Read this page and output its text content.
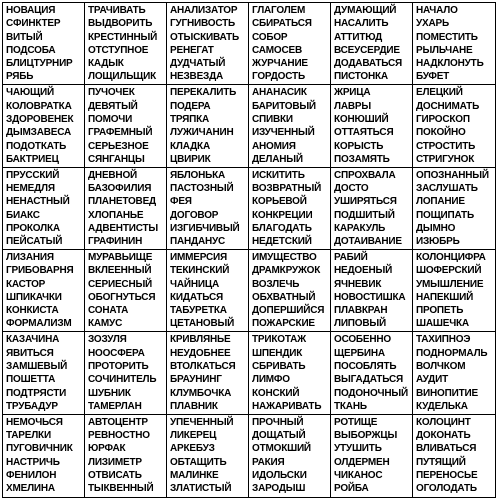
НОВАЦИЯ
СФИНКТЕР
ВИТЫЙ
ПОДСОБА
БЛИЦТУРНИР
РЯБЬ
ТРАЧИВАТЬ
ВЫДВОРИТЬ
КРЕСТИННЫЙ
ОТСТУПНОЕ
КАДЫК
ЛОЩИЛЬЩИК
АНАЛИЗАТОР
ГУГНИВОСТЬ
ОТЫСКИВАТЬ
РЕНЕГАТ
ДУДЧАТЫЙ
НЕЗВЕЗДА
ГЛАГОЛЕМ
СБИРАТЬСЯ
СОБОР
САМОСЕВ
ЖУРЧАНИЕ
ГОРДОСТЬ
ДУМАЮЩИЙ
НАСАЛИТЬ
АТТИТЮД
ВСЕУСЕРДИЕ
ДОДАВАТЬСЯ
ПИСТОНКА
НАЧАЛО
УХАРЬ
ПОМЕСТИТЬ
РЫЛЬЧАНЕ
НАДКЛОНУТЬ
БУФЕТ
ЧАЮЩИЙ
КОЛОВРАТКА
ЗДОРОВЕНЕК
ДЫМЗАВЕСА
ПОДОТКАТЬ
БАКТРИЕЦ
ПУЧОЧЕК
ДЕВЯТЫЙ
ПОМОЧИ
ГРАФЕМНЫЙ
СЕРЬЕЗНОЕ
СЯНГАНЦЫ
ПЕРЕКАЛИТЬ
ПОДЕРА
ТРЯПКА
ЛУЖИЧАНИН
КЛАДКА
ЦВИРИК
АНАНАСИК
БАРИТОВЫЙ
СПИВКИ
ИЗУЧЕННЫЙ
АНОМИЯ
ДЕЛАНЫЙ
ЖРИЦА
ЛАВРЫ
КОНЮШИЙ
ОТТАЯТЬСЯ
КОРЫСТЬ
ПОЗАМЯТЬ
ЕЛЕЦКИЙ
ДОСНИМАТЬ
ГИРОСКОП
ПОКОЙНО
СТРОСТИТЬ
СТРИГУНОК
ПРУССКИЙ
НЕМЕДЛЯ
НЕНАСТНЫЙ
БИАКС
ПРОКОЛКА
ПЕЙСАТЫЙ
ДНЕВНОЙ
БАЗОФИЛИЯ
ПЛАНЕТОВЕД
ХЛОПАНЬЕ
АДВЕНТИСТЫ
ГРАФИНИН
ЯБЛОНЬКА
ПАСТОЗНЫЙ
ФЕЯ
ДОГОВОР
ИЗГИБЧИВЫЙ
ПАНДАНУС
ИСКИТИТЬ
ВОЗВРАТНЫЙ
КОРЬЕВОЙ
КОНКРЕЦИИ
БЛАГОДАТЬ
НЕДЕТСКИЙ
СПРОХВАЛА
ДОСТО
УШИРЯТЬСЯ
ПОДШИТЫЙ
КАРАКУЛЬ
ДОТАИВАНИЕ
ОПОЗНАННЫЙ
ЗАСЛУШАТЬ
ЛОПАНИЕ
ПОЩИПАТЬ
ДЫМНО
ИЗЮБРЬ
ЛИЗАНИЯ
ГРИБОВАРНЯ
КАСТОР
ШПИКАЧКИ
КОНКИСТА
ФОРМАЛИЗМ
МУРАВЬИЩЕ
ВКЛЕЕННЫЙ
СЕРИЕСНЫЙ
ОБОГНУТЬСЯ
СОНАТА
КАМУС
ИММЕРСИЯ
ТЕКИНСКИЙ
ЧАЙНИЦА
КИДАТЬСЯ
ТАБУРЕТКА
ЦЕТАНОВЫЙ
ИМУЩЕСТВО
ДРАМКРУЖОК
ВОЗЛЕЧЬ
ОБХВАТНЫЙ
ДОПЕРШИЙСЯ
ПОЖАРСКИЕ
РАБИЙ
НЕДОЕНЫЙ
ЯЧНЕВИК
НОВОСТИШКА
ПЛАВКРАН
ЛИПОВЫЙ
КОЛОНЦИФРА
ШОФЕРСКИЙ
УМЫШЛЕНИЕ
НАПЕКШИЙ
ПРОПЕТЬ
ШАШЕЧКА
КАЗАЧИНА
ЯВИТЬСЯ
ЗАМШЕВЫЙ
ПОШЕТТА
ПОДТРЯСТИ
ТРУБАДУР
ЗОЗУЛЯ
НООСФЕРА
ПРОТОРИТЬ
СОЧИНИТЕЛЬ
ШУБНИК
ТАМЕРЛАН
КРИВЛЯНЬЕ
НЕУДОБНЕЕ
ВТОЛКАТЬСЯ
БРАУНИНГ
КЛУМБОЧКА
ПЛАВНИК
ТРИКОТАЖ
ШПЕНДИК
СБРИВАТЬ
ЛИМФО
КОНСКИЙ
НАЖАРИВАТЬ
ОСОБЕННО
ЩЕРБИНА
ПОСОБЛЯТЬ
ВЫГАДАТЬСЯ
ПОДОНОЧНЫЙ
ТКАНЬ
ТАХИПНОЭ
ПОДНОРМАЛЬ
ВОЛЧКОМ
АУДИТ
ВИНОПИТИЕ
КУДЕЛЬКА
НЕМОЧЬСЯ
ТАРЕЛКИ
ПУГОВИЧНИК
НАСТРИЧЬ
ФЕНИЛОН
ХМЕЛИНА
АВТОЦЕНТР
РЕВНОСТНО
ЮРФАК
ЛИЗИМЕТР
ОТВИСАТЬ
ТЫКВЕННЫЙ
УПЕЧЕННЫЙ
ЛИКЕРЕЦ
АРКЕБУЗ
ОБТАЩИТЬ
МАЛИНКЕ
ЗЛАТИСТЫЙ
ПРОЧНЫЙ
ДОЩАТЫЙ
ОТМОКШИЙ
РАКИЯ
ИДОЛЬСКИ
ЗАРОДЫШ
РОТИЩЕ
ВЫБОРЖЦЫ
УТУШИТЬ
ОЛДЕРМЕН
ЧИКАНОС
РОЙБА
КОЛОЦИНТ
ДОКОНАТЬ
ВЛИВАТЬСЯ
ПУТЯЩИЙ
ПЕРЕНОСЬЕ
ОГОЛОДАТЬ
